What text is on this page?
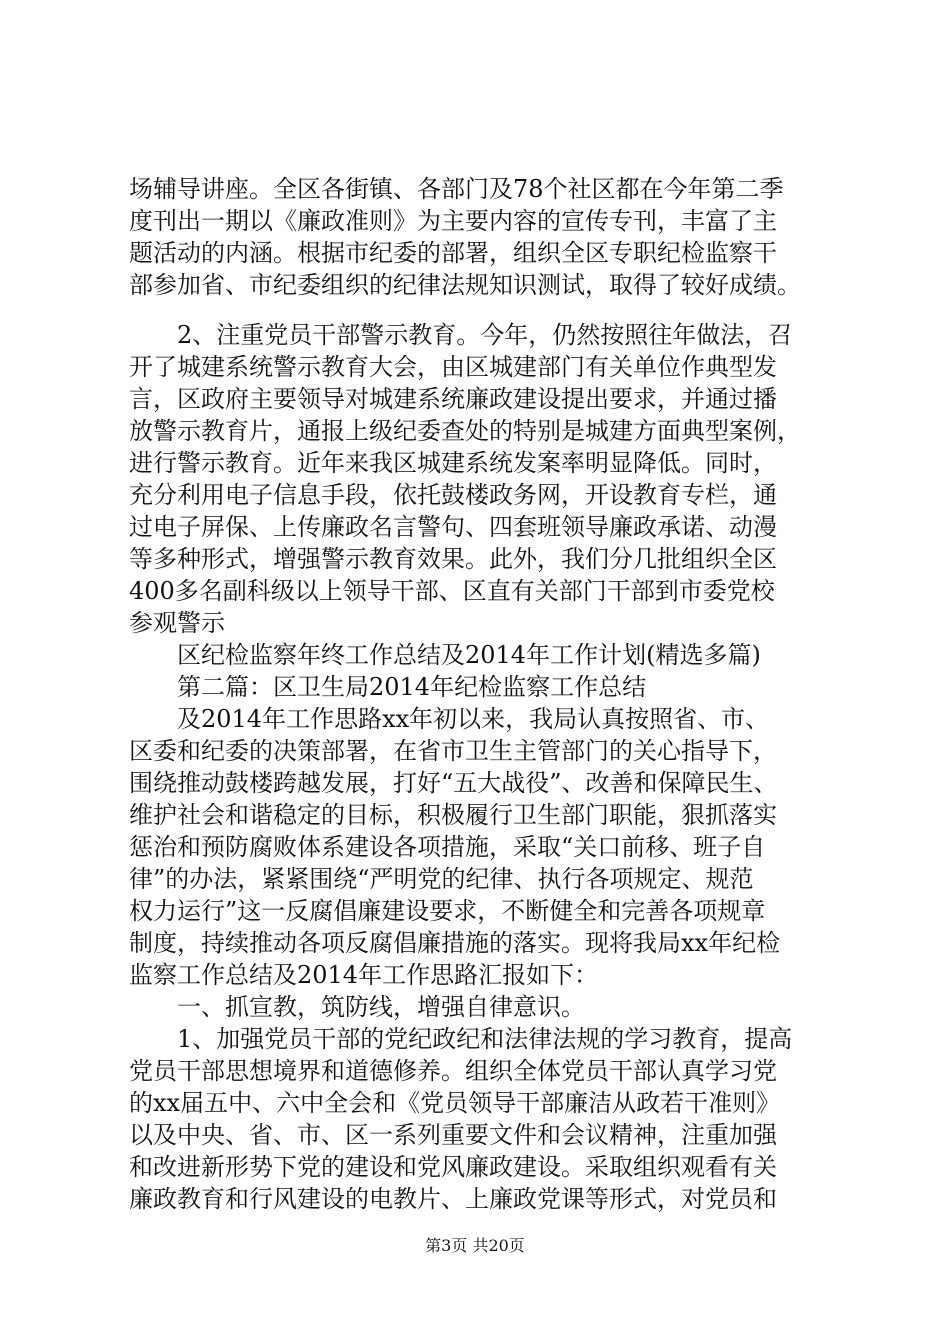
场辅导讲座。全区各街镇、各部门及78个社区都在今年第二季
度刊出一期以《廉政准则》为主要内容的宣传专刊，丰富了主
题活动的内涵。根据市纪委的部署，组织全区专职纪检监察干
部参加省、市纪委组织的纪律法规知识测试，取得了较好成绩。
　　2、注重党员干部警示教育。今年，仍然按照往年做法，召
开了城建系统警示教育大会，由区城建部门有关单位作典型发
言，区政府主要领导对城建系统廉政建设提出要求，并通过播
放警示教育片，通报上级纪委查处的特别是城建方面典型案例，
进行警示教育。近年来我区城建系统发案率明显降低。同时，
充分利用电子信息手段，依托鼓楼政务网，开设教育专栏，通
过电子屏保、上传廉政名言警句、四套班领导廉政承诺、动漫
等多种形式，增强警示教育效果。此外，我们分几批组织全区
400多名副科级以上领导干部、区直有关部门干部到市委党校
参观警示
　　区纪检监察年终工作总结及2014年工作计划(精选多篇)
　　第二篇：区卫生局2014年纪检监察工作总结
　　及2014年工作思路xx年初以来，我局认真按照省、市、
区委和纪委的决策部署，在省市卫生主管部门的关心指导下，
围绕推动鼓楼跨越发展，打好“五大战役”、改善和保障民生、
维护社会和谐稳定的目标，积极履行卫生部门职能，狠抓落实
惩治和预防腐败体系建设各项措施，采取“关口前移、班子自
律”的办法，紧紧围绕“严明党的纪律、执行各项规定、规范
权力运行”这一反腐倡廉建设要求，不断健全和完善各项规章
制度，持续推动各项反腐倡廉措施的落实。现将我局xx年纪检
监察工作总结及2014年工作思路汇报如下：
　　一、抓宣教，筑防线，增强自律意识。
　　1、加强党员干部的党纪政纪和法律法规的学习教育，提高
党员干部思想境界和道德修养。组织全体党员干部认真学习党
的xx届五中、六中全会和《党员领导干部廉洁从政若干准则》
以及中央、省、市、区一系列重要文件和会议精神，注重加强
和改进新形势下党的建设和党风廉政建设。采取组织观看有关
廉政教育和行风建设的电教片、上廉政党课等形式，对党员和
第3页 共20页
